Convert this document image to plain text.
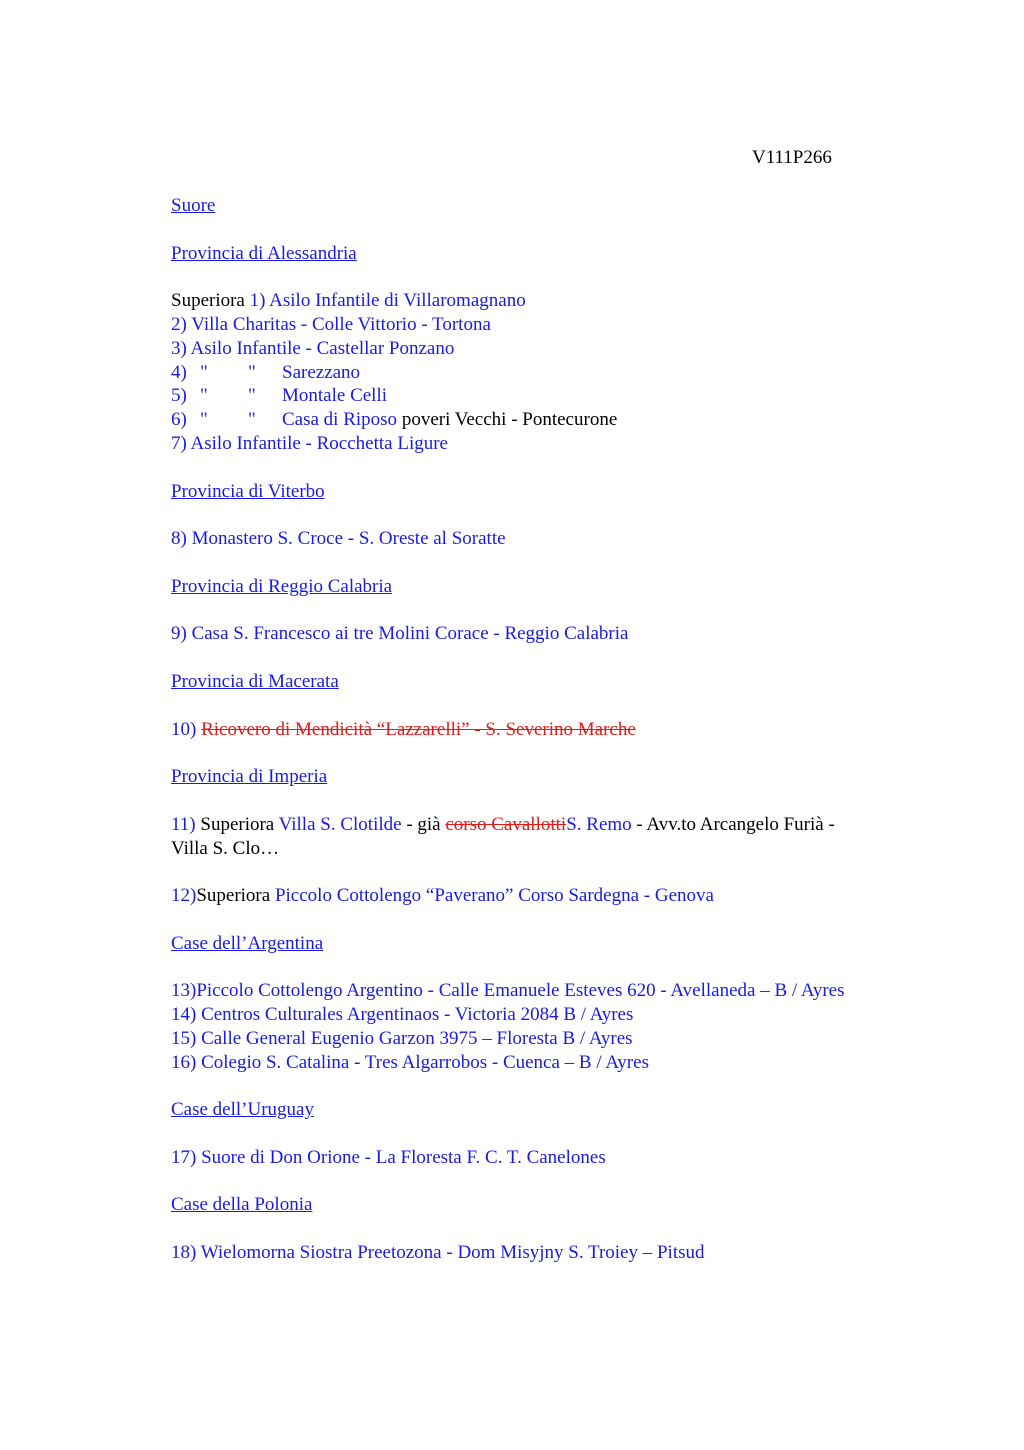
V111P266
Suore
Provincia di Alessandria
Superiora 1) Asilo Infantile di Villaromagnano
2) Villa Charitas - Colle Vittorio - Tortona
3) Asilo Infantile - Castellar Ponzano
4) " " Sarezzano
5) " " Montale Celli
6) " " Casa di Riposo poveri Vecchi - Pontecurone
7) Asilo Infantile - Rocchetta Ligure
Provincia di Viterbo
8) Monastero S. Croce - S. Oreste al Soratte
Provincia di Reggio Calabria
9) Casa S. Francesco ai tre Molini Corace - Reggio Calabria
Provincia di Macerata
10) Ricovero di Mendicità “Lazzarelli” - S. Severino Marche
Provincia di Imperia
11) Superiora Villa S. Clotilde - già corso CavallottiS. Remo - Avv.to Arcangelo Furià -
Villa S. Clo…
12)Superiora Piccolo Cottolengo “Paverano” Corso Sardegna - Genova
Case dell’Argentina
13)Piccolo Cottolengo Argentino - Calle Emanuele Esteves 620 - Avellaneda – B / Ayres
14) Centros Culturales Argentinaos - Victoria 2084 B / Ayres
15) Calle General Eugenio Garzon 3975 – Floresta B / Ayres
16) Colegio S. Catalina - Tres Algarrobos - Cuenca – B / Ayres
Case dell’Uruguay
17) Suore di Don Orione - La Floresta F. C. T. Canelones
Case della Polonia
18) Wielomorna Siostra Preetozona - Dom Misyjny S. Troiey – Pitsud
